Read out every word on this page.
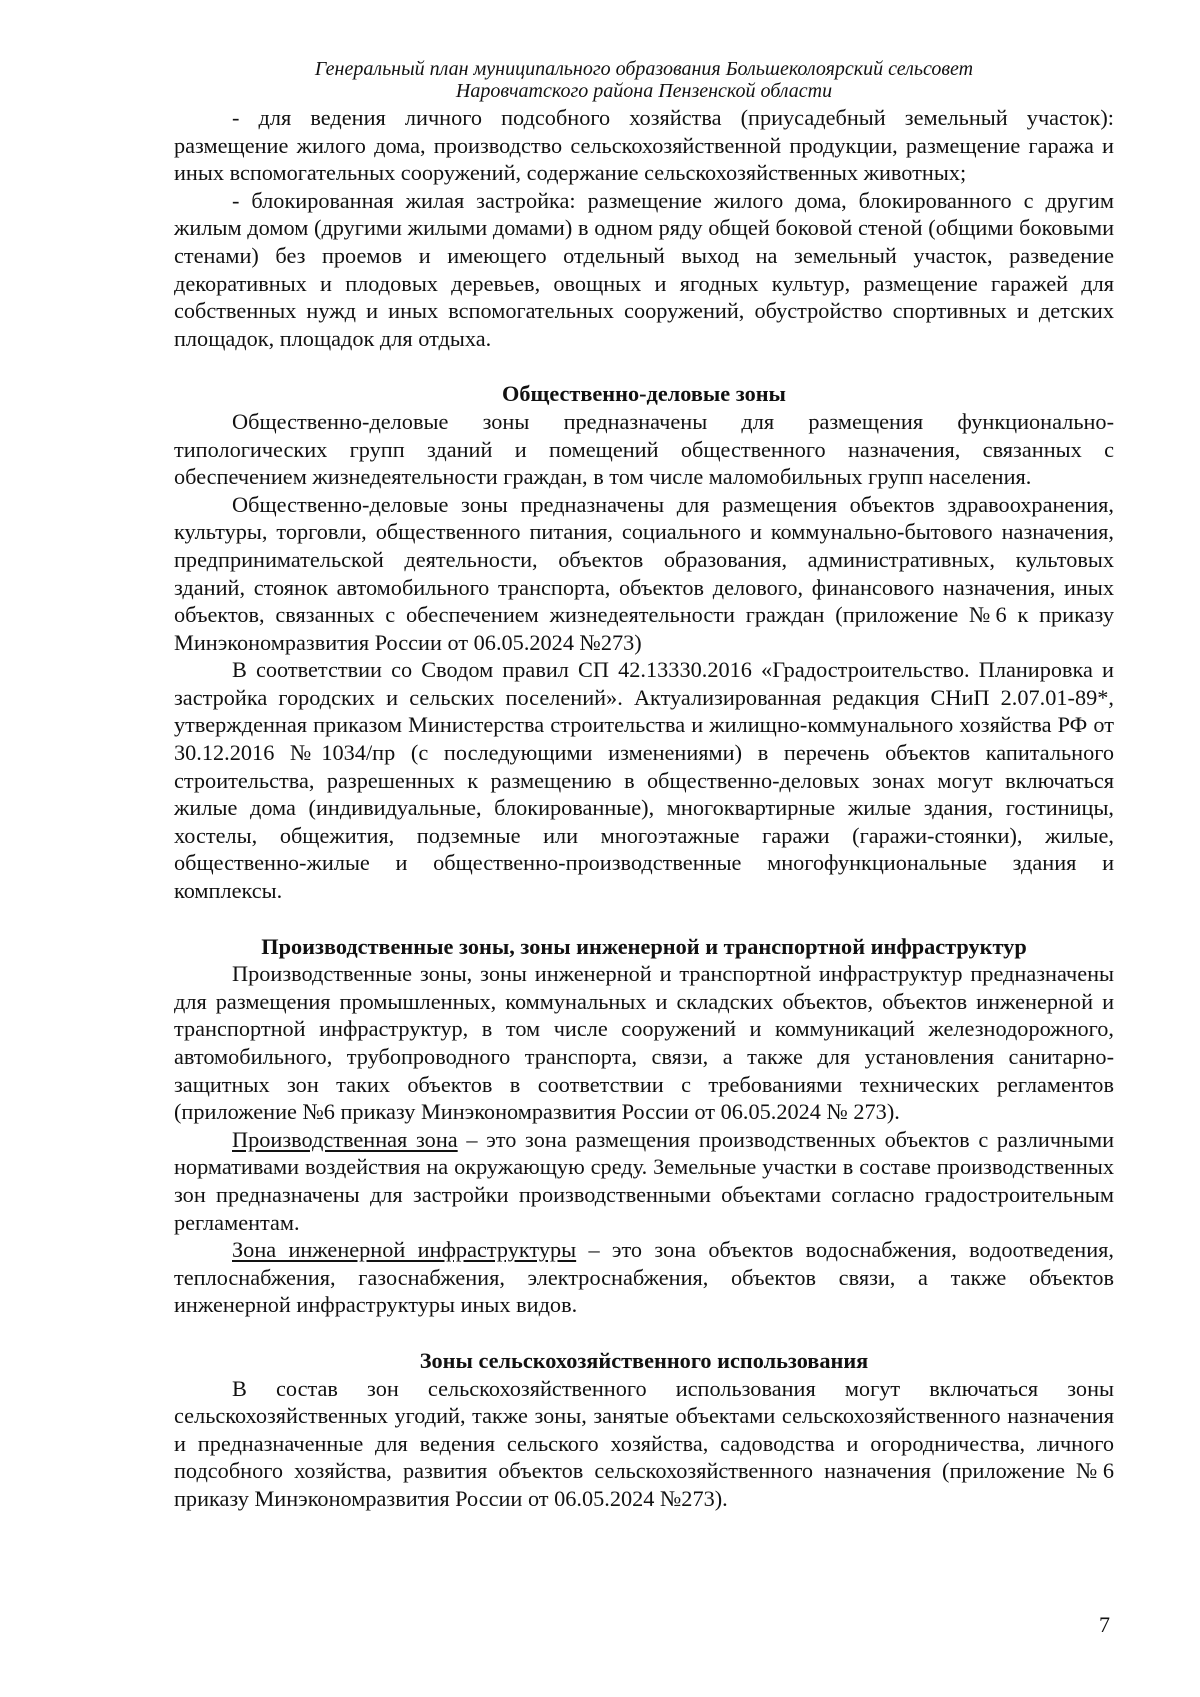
Генеральный план муниципального образования Большеколоярский сельсовет
Наровчатского района Пензенской области

- для ведения личного подсобного хозяйства (приусадебный земельный участок): размещение жилого дома, производство сельскохозяйственной продукции, размещение гаража и иных вспомогательных сооружений, содержание сельскохозяйственных животных;

- блокированная жилая застройка: размещение жилого дома, блокированного с другим жилым домом (другими жилыми домами) в одном ряду общей боковой стеной (общими боковыми стенами) без проемов и имеющего отдельный выход на земельный участок, разведение декоративных и плодовых деревьев, овощных и ягодных культур, размещение гаражей для собственных нужд и иных вспомогательных сооружений, обустройство спортивных и детских площадок, площадок для отдыха.

Общественно-деловые зоны

Общественно-деловые зоны предназначены для размещения функционально-типологических групп зданий и помещений общественного назначения, связанных с обеспечением жизнедеятельности граждан, в том числе маломобильных групп населения.

Общественно-деловые зоны предназначены для размещения объектов здравоохранения, культуры, торговли, общественного питания, социального и коммунально-бытового назначения, предпринимательской деятельности, объектов образования, административных, культовых зданий, стоянок автомобильного транспорта, объектов делового, финансового назначения, иных объектов, связанных с обеспечением жизнедеятельности граждан (приложение №6 к приказу Минэкономразвития России от 06.05.2024 №273)

В соответствии со Сводом правил СП 42.13330.2016 «Градостроительство. Планировка и застройка городских и сельских поселений». Актуализированная редакция СНиП 2.07.01-89*, утвержденная приказом Министерства строительства и жилищно-коммунального хозяйства РФ от 30.12.2016 №1034/пр (с последующими изменениями) в перечень объектов капитального строительства, разрешенных к размещению в общественно-деловых зонах могут включаться жилые дома (индивидуальные, блокированные), многоквартирные жилые здания, гостиницы, хостелы, общежития, подземные или многоэтажные гаражи (гаражи-стоянки), жилые, общественно-жилые и общественно-производственные многофункциональные здания и комплексы.

Производственные зоны, зоны инженерной и транспортной инфраструктур

Производственные зоны, зоны инженерной и транспортной инфраструктур предназначены для размещения промышленных, коммунальных и складских объектов, объектов инженерной и транспортной инфраструктур, в том числе сооружений и коммуникаций железнодорожного, автомобильного, трубопроводного транспорта, связи, а также для установления санитарно-защитных зон таких объектов в соответствии с требованиями технических регламентов (приложение №6 приказу Минэкономразвития России от 06.05.2024 № 273).

Производственная зона – это зона размещения производственных объектов с различными нормативами воздействия на окружающую среду. Земельные участки в составе производственных зон предназначены для застройки производственными объектами согласно градостроительным регламентам.

Зона инженерной инфраструктуры – это зона объектов водоснабжения, водоотведения, теплоснабжения, газоснабжения, электроснабжения, объектов связи, а также объектов инженерной инфраструктуры иных видов.

Зоны сельскохозяйственного использования

В состав зон сельскохозяйственного использования могут включаться зоны сельскохозяйственных угодий, также зоны, занятые объектами сельскохозяйственного назначения и предназначенные для ведения сельского хозяйства, садоводства и огородничества, личного подсобного хозяйства, развития объектов сельскохозяйственного назначения (приложение №6 приказу Минэкономразвития России от 06.05.2024 №273).

7
